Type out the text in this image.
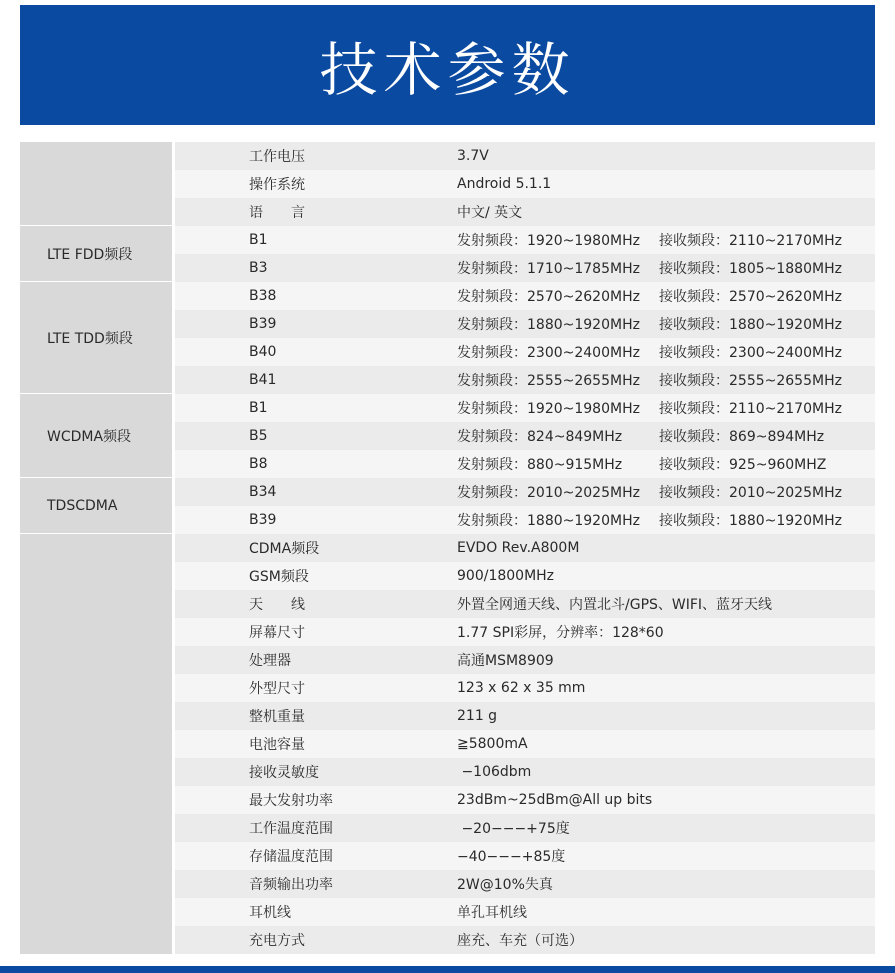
技术参数
工作电压	3.7V
操作系统	Android 5.1.1
语　　言	中文/ 英文
LTE FDD频段
B1	发射频段：1920~1980MHz 接收频段：2110~2170MHz
B3	发射频段：1710~1785MHz 接收频段：1805~1880MHz
LTE TDD频段
B38	发射频段：2570~2620MHz 接收频段：2570~2620MHz
B39	发射频段：1880~1920MHz 接收频段：1880~1920MHz
B40	发射频段：2300~2400MHz 接收频段：2300~2400MHz
B41	发射频段：2555~2655MHz 接收频段：2555~2655MHz
WCDMA频段
B1	发射频段：1920~1980MHz 接收频段：2110~2170MHz
B5	发射频段：824~849MHz	接收频段：869~894MHz
B8	发射频段：880~915MHz	接收频段：925~960MHZ
TDSCDMA
B34	发射频段：2010~2025MHz 接收频段：2010~2025MHz
B39	发射频段：1880~1920MHz 接收频段：1880~1920MHz
CDMA频段	EVDO Rev.A800M
GSM频段	900/1800MHz
天　　线	外置全网通天线、内置北斗/GPS、WIFI、蓝牙天线
屏幕尺寸	1.77 SPI彩屏，分辨率：128*60
处理器	高通MSM8909
外型尺寸	123 x 62 x 35 mm
整机重量	211 g
电池容量	≧5800mA
接收灵敏度	−106dbm
最大发射功率	23dBm~25dBm@All up bits
工作温度范围	−20−−−+75度
存储温度范围	−40−−−+85度
音频输出功率	2W@10%失真
耳机线	单孔耳机线
充电方式	座充、车充（可选）
